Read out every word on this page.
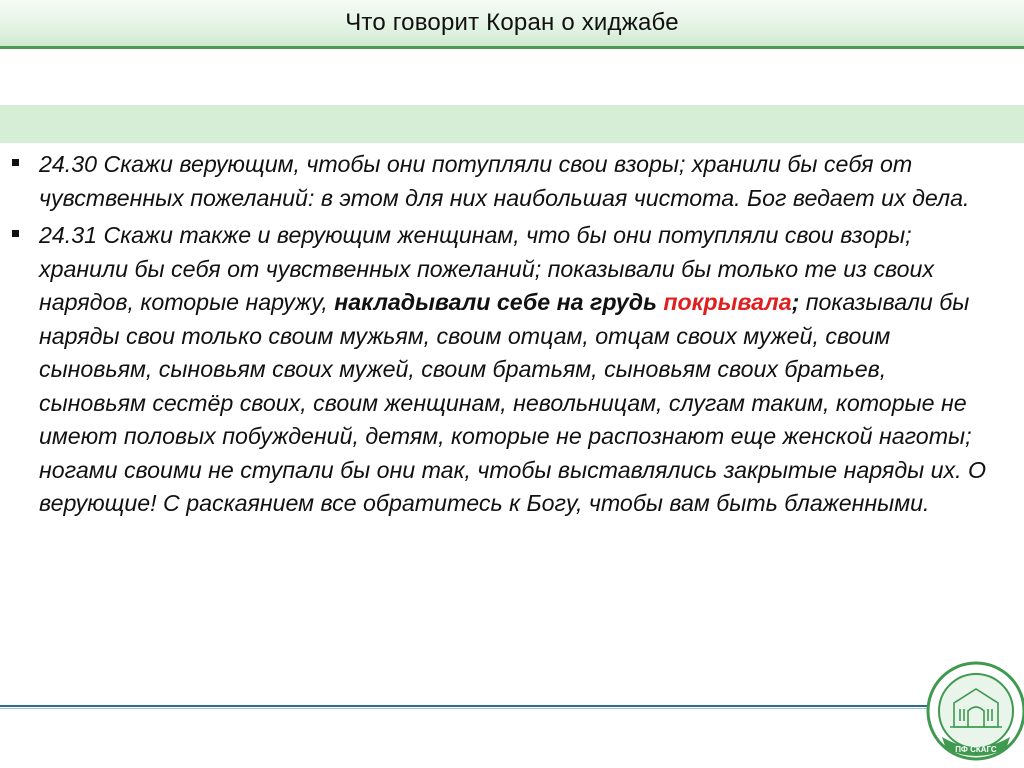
Что говорит Коран о хиджабе
24.30 Скажи верующим, чтобы они потупляли свои взоры; хранили бы себя от чувственных пожеланий: в этом для них наибольшая чистота. Бог ведает их дела.
24.31 Скажи также и верующим женщинам, что бы они потупляли свои взоры; хранили бы себя от чувственных пожеланий; показывали бы только те из своих нарядов, которые наружу, накладывали себе на грудь покрывала; показывали бы наряды свои только своим мужьям, своим отцам, отцам своих мужей, своим сыновьям, сыновьям своих мужей, своим братьям, сыновьям своих братьев, сыновьям сестёр своих, своим женщинам, невольницам, слугам таким, которые не имеют половых побуждений, детям, которые не распознают еще женской наготы; ногами своими не ступали бы они так, чтобы выставлялись закрытые наряды их. О верующие! С раскаянием все обратитесь к Богу, чтобы вам быть блаженными.
ПФ СКАГС
